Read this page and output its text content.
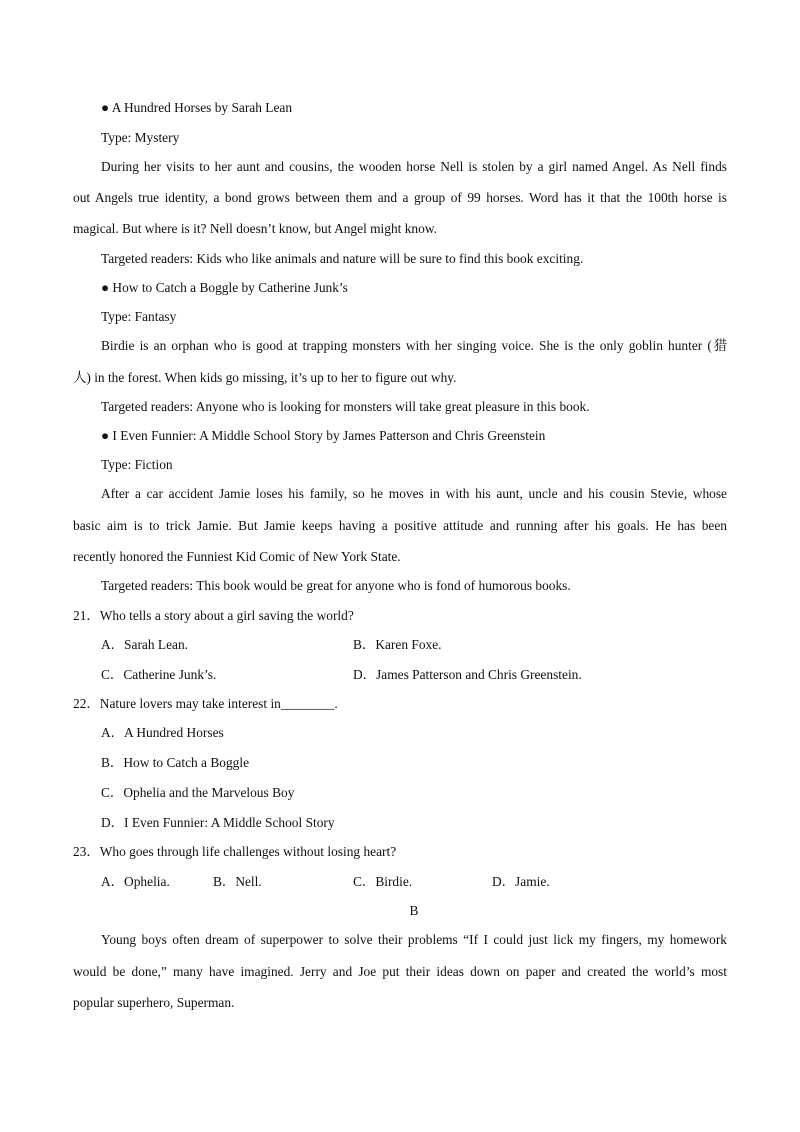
● A Hundred Horses by Sarah Lean
Type: Mystery
During her visits to her aunt and cousins, the wooden horse Nell is stolen by a girl named Angel. As Nell finds
out Angels true identity, a bond grows between them and a group of 99 horses. Word has it that the 100th horse is
magical. But where is it? Nell doesn’t know, but Angel might know.
Targeted readers: Kids who like animals and nature will be sure to find this book exciting.
● How to Catch a Boggle by Catherine Junk’s
Type: Fantasy
Birdie is an orphan who is good at trapping monsters with her singing voice. She is the only goblin hunter (猎
人) in the forest. When kids go missing, it’s up to her to figure out why.
Targeted readers: Anyone who is looking for monsters will take great pleasure in this book.
● I Even Funnier: A Middle School Story by James Patterson and Chris Greenstein
Type: Fiction
After a car accident Jamie loses his family, so he moves in with his aunt, uncle and his cousin Stevie, whose
basic aim is to trick Jamie. But Jamie keeps having a positive attitude and running after his goals. He has been
recently honored the Funniest Kid Comic of New York State.
Targeted readers: This book would be great for anyone who is fond of humorous books.
21．Who tells a story about a girl saving the world?
A．Sarah Lean.	B．Karen Foxe.
C．Catherine Junk’s.	D．James Patterson and Chris Greenstein.
22．Nature lovers may take interest in________.
A．A Hundred Horses
B．How to Catch a Boggle
C．Ophelia and the Marvelous Boy
D．I Even Funnier: A Middle School Story
23．Who goes through life challenges without losing heart?
A．Ophelia.	B．Nell.	C．Birdie.	D．Jamie.
B
Young boys often dream of superpower to solve their problems “If I could just lick my fingers, my homework
would be done,” many have imagined. Jerry and Joe put their ideas down on paper and created the world’s most
popular superhero, Superman.
